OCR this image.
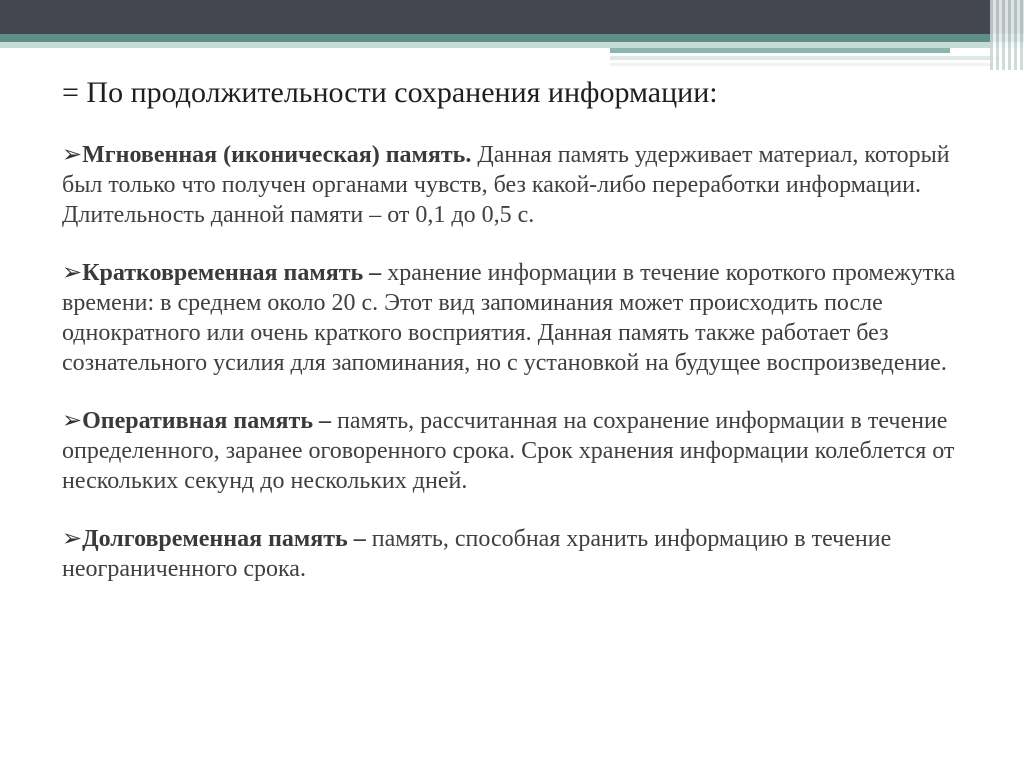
= По продолжительности сохранения информации:

➢Мгновенная (иконическая) память. Данная память удерживает материал, который был только что получен органами чувств, без какой-либо переработки информации. Длительность данной памяти – от 0,1 до 0,5 с.

➢Кратковременная память – хранение информации в течение короткого промежутка времени: в среднем около 20 с. Этот вид запоминания может происходить после однократного или очень краткого восприятия. Данная память также работает без сознательного усилия для запоминания, но с установкой на будущее воспроизведение.

➢Оперативная память – память, рассчитанная на сохранение информации в течение определенного, заранее оговоренного срока. Срок хранения информации колеблется от нескольких секунд до нескольких дней.

➢Долговременная память – память, способная хранить информацию в течение неограниченного срока.
